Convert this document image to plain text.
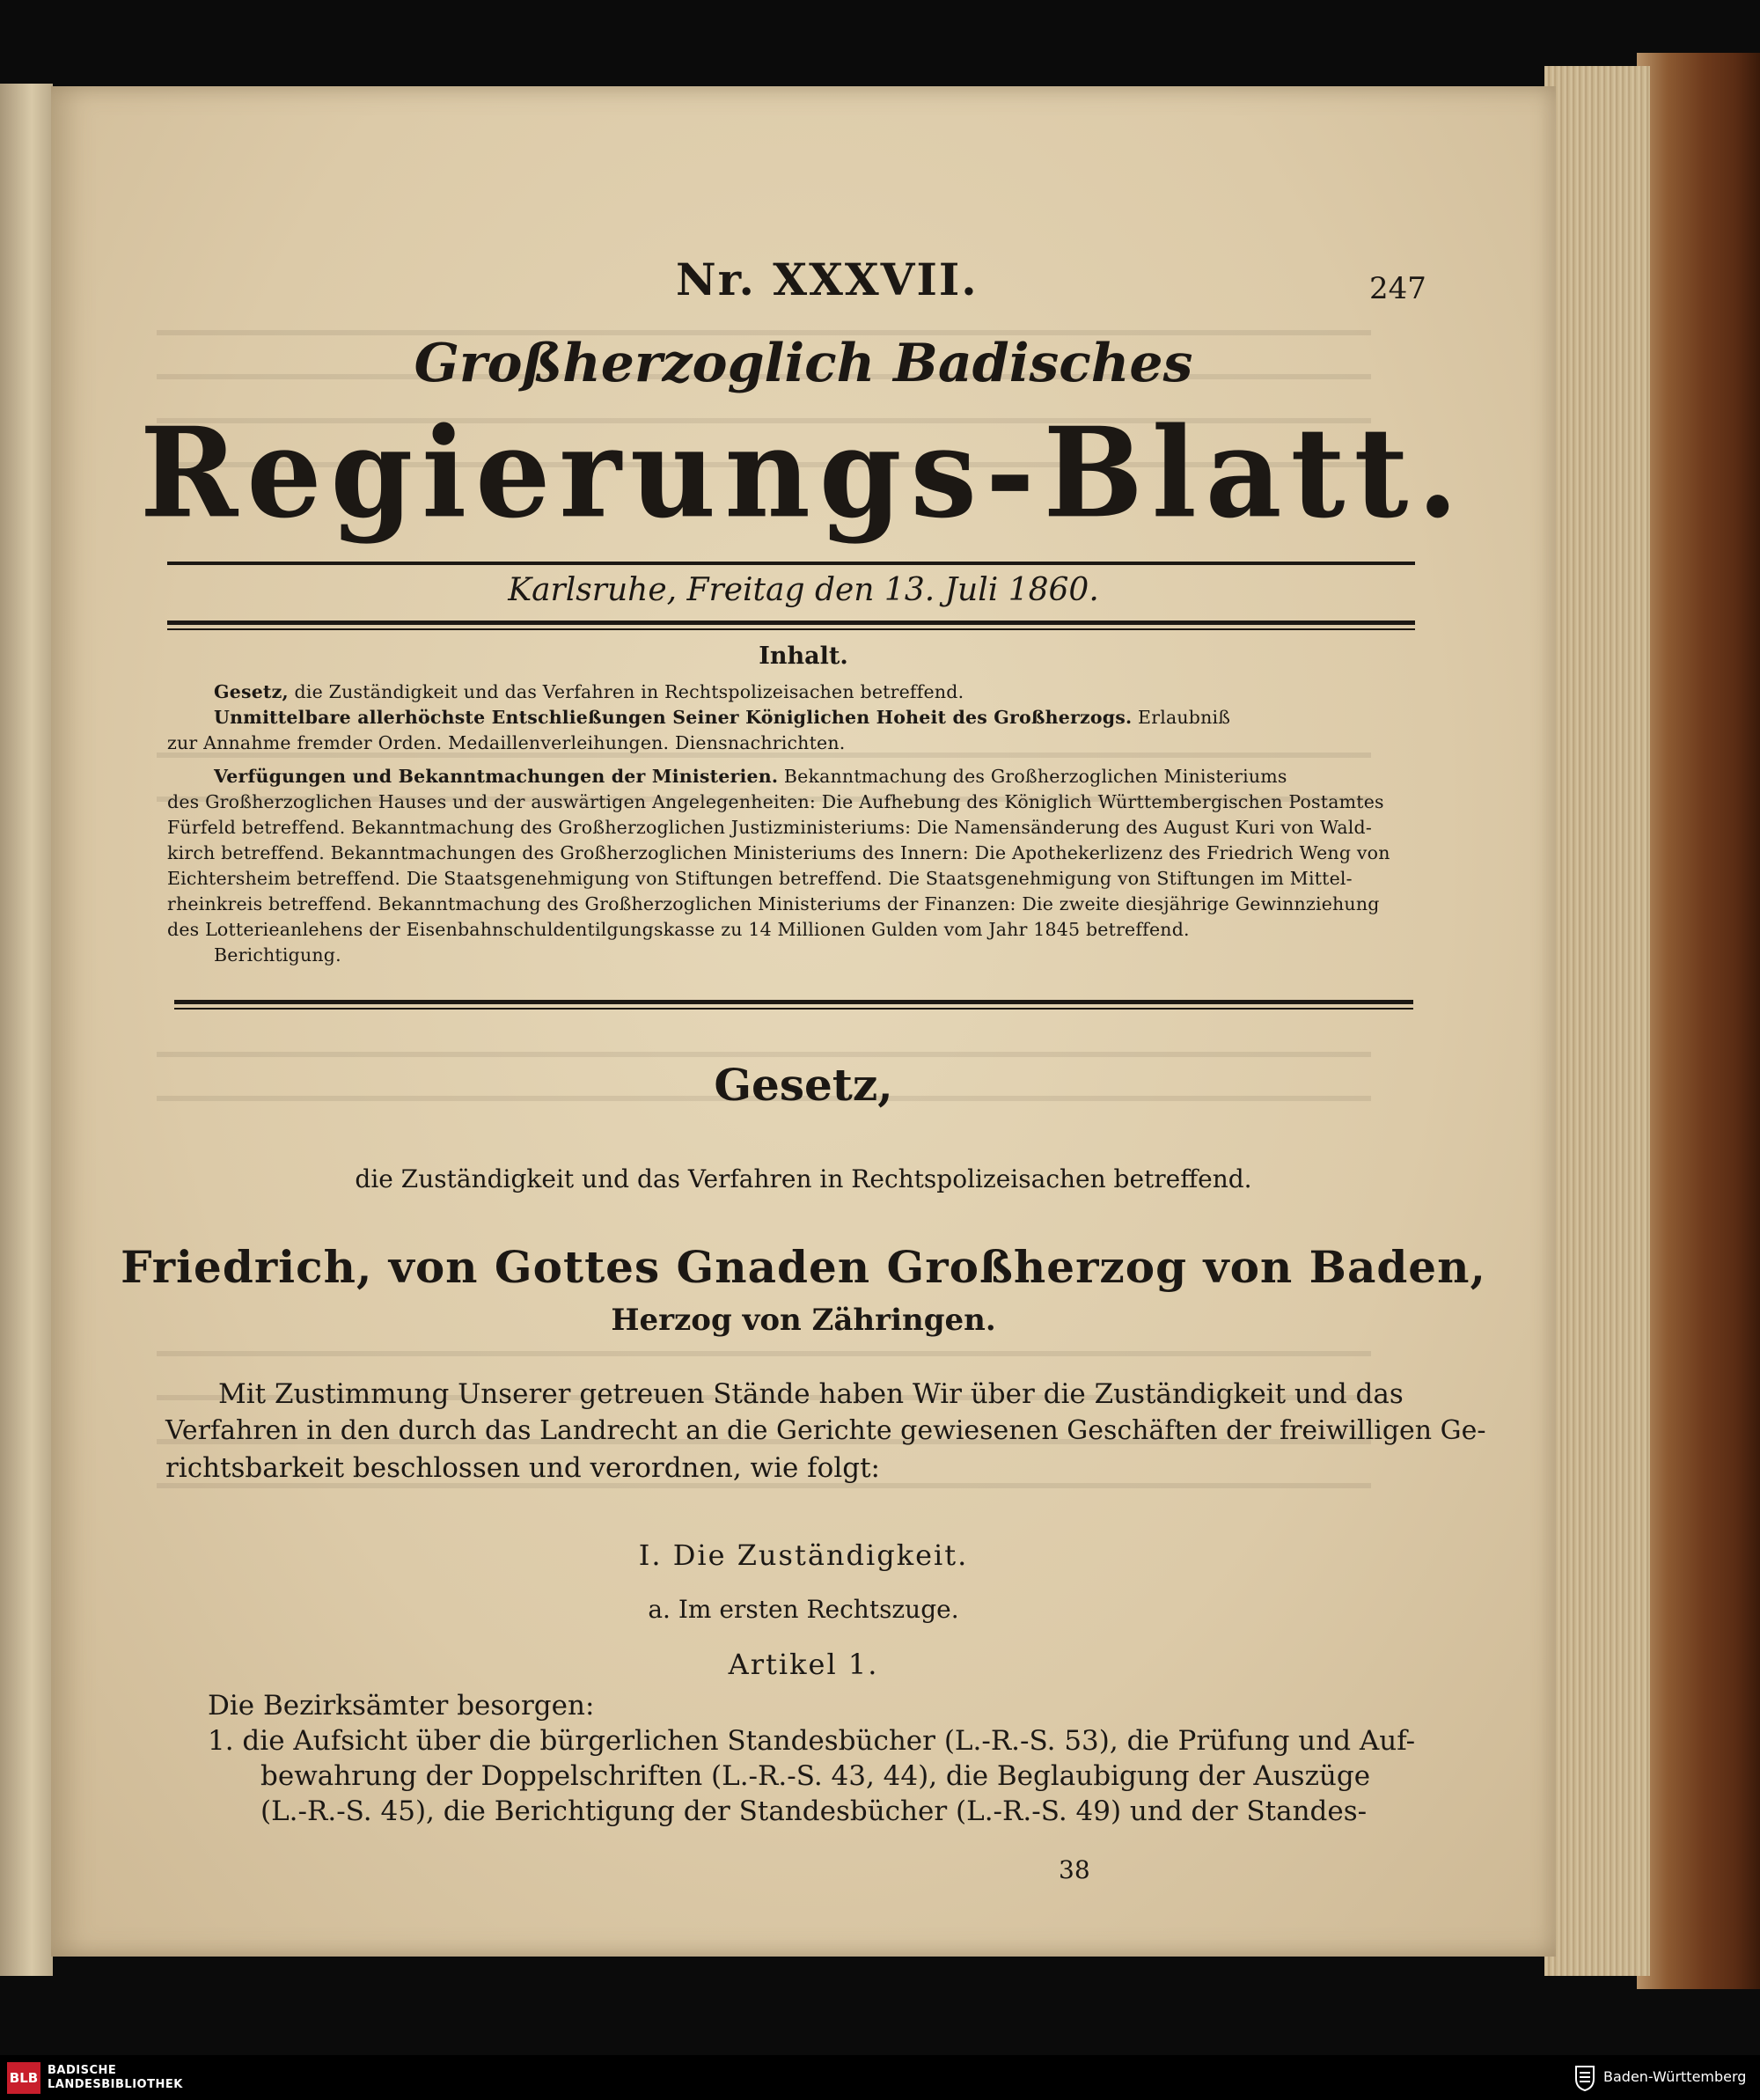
Nr. XXXVII.	247
Großherzoglich Badisches
Regierungs-Blatt.
Karlsruhe, Freitag den 13. Juli 1860.
Inhalt.
Gesetz, die Zuständigkeit und das Verfahren in Rechtspolizeisachen betreffend.
Unmittelbare allerhöchste Entschließungen Seiner Königlichen Hoheit des Großherzogs. Erlaubniß
zur Annahme fremder Orden. Medaillenverleihungen. Diensnachrichten.
Verfügungen und Bekanntmachungen der Ministerien. Bekanntmachung des Großherzoglichen Ministeriums
des Großherzoglichen Hauses und der auswärtigen Angelegenheiten: Die Aufhebung des Königlich Württembergischen Postamtes
Fürfeld betreffend. Bekanntmachung des Großherzoglichen Justizministeriums: Die Namensänderung des August Kuri von Wald-
kirch betreffend. Bekanntmachungen des Großherzoglichen Ministeriums des Innern: Die Apothekerlizenz des Friedrich Weng von
Eichtersheim betreffend. Die Staatsgenehmigung von Stiftungen betreffend. Die Staatsgenehmigung von Stiftungen im Mittel-
rheinkreis betreffend. Bekanntmachung des Großherzoglichen Ministeriums der Finanzen: Die zweite diesjährige Gewinnziehung
des Lotterieanlehens der Eisenbahnschuldentilgungskasse zu 14 Millionen Gulden vom Jahr 1845 betreffend.
Berichtigung.
Gesetz,
die Zuständigkeit und das Verfahren in Rechtspolizeisachen betreffend.
Friedrich, von Gottes Gnaden Großherzog von Baden,
Herzog von Zähringen.
Mit Zustimmung Unserer getreuen Stände haben Wir über die Zuständigkeit und das
Verfahren in den durch das Landrecht an die Gerichte gewiesenen Geschäften der freiwilligen Ge-
richtsbarkeit beschlossen und verordnen, wie folgt:
I. Die Zuständigkeit.
a. Im ersten Rechtszuge.
Artikel 1.
Die Bezirksämter besorgen:
1. die Aufsicht über die bürgerlichen Standesbücher (L.-R.-S. 53), die Prüfung und Auf-
bewahrung der Doppelschriften (L.-R.-S. 43, 44), die Beglaubigung der Auszüge
(L.-R.-S. 45), die Berichtigung der Standesbücher (L.-R.-S. 49) und der Standes-
38
BLB BADISCHE
LANDESBIBLIOTHEK	Baden-Württemberg
